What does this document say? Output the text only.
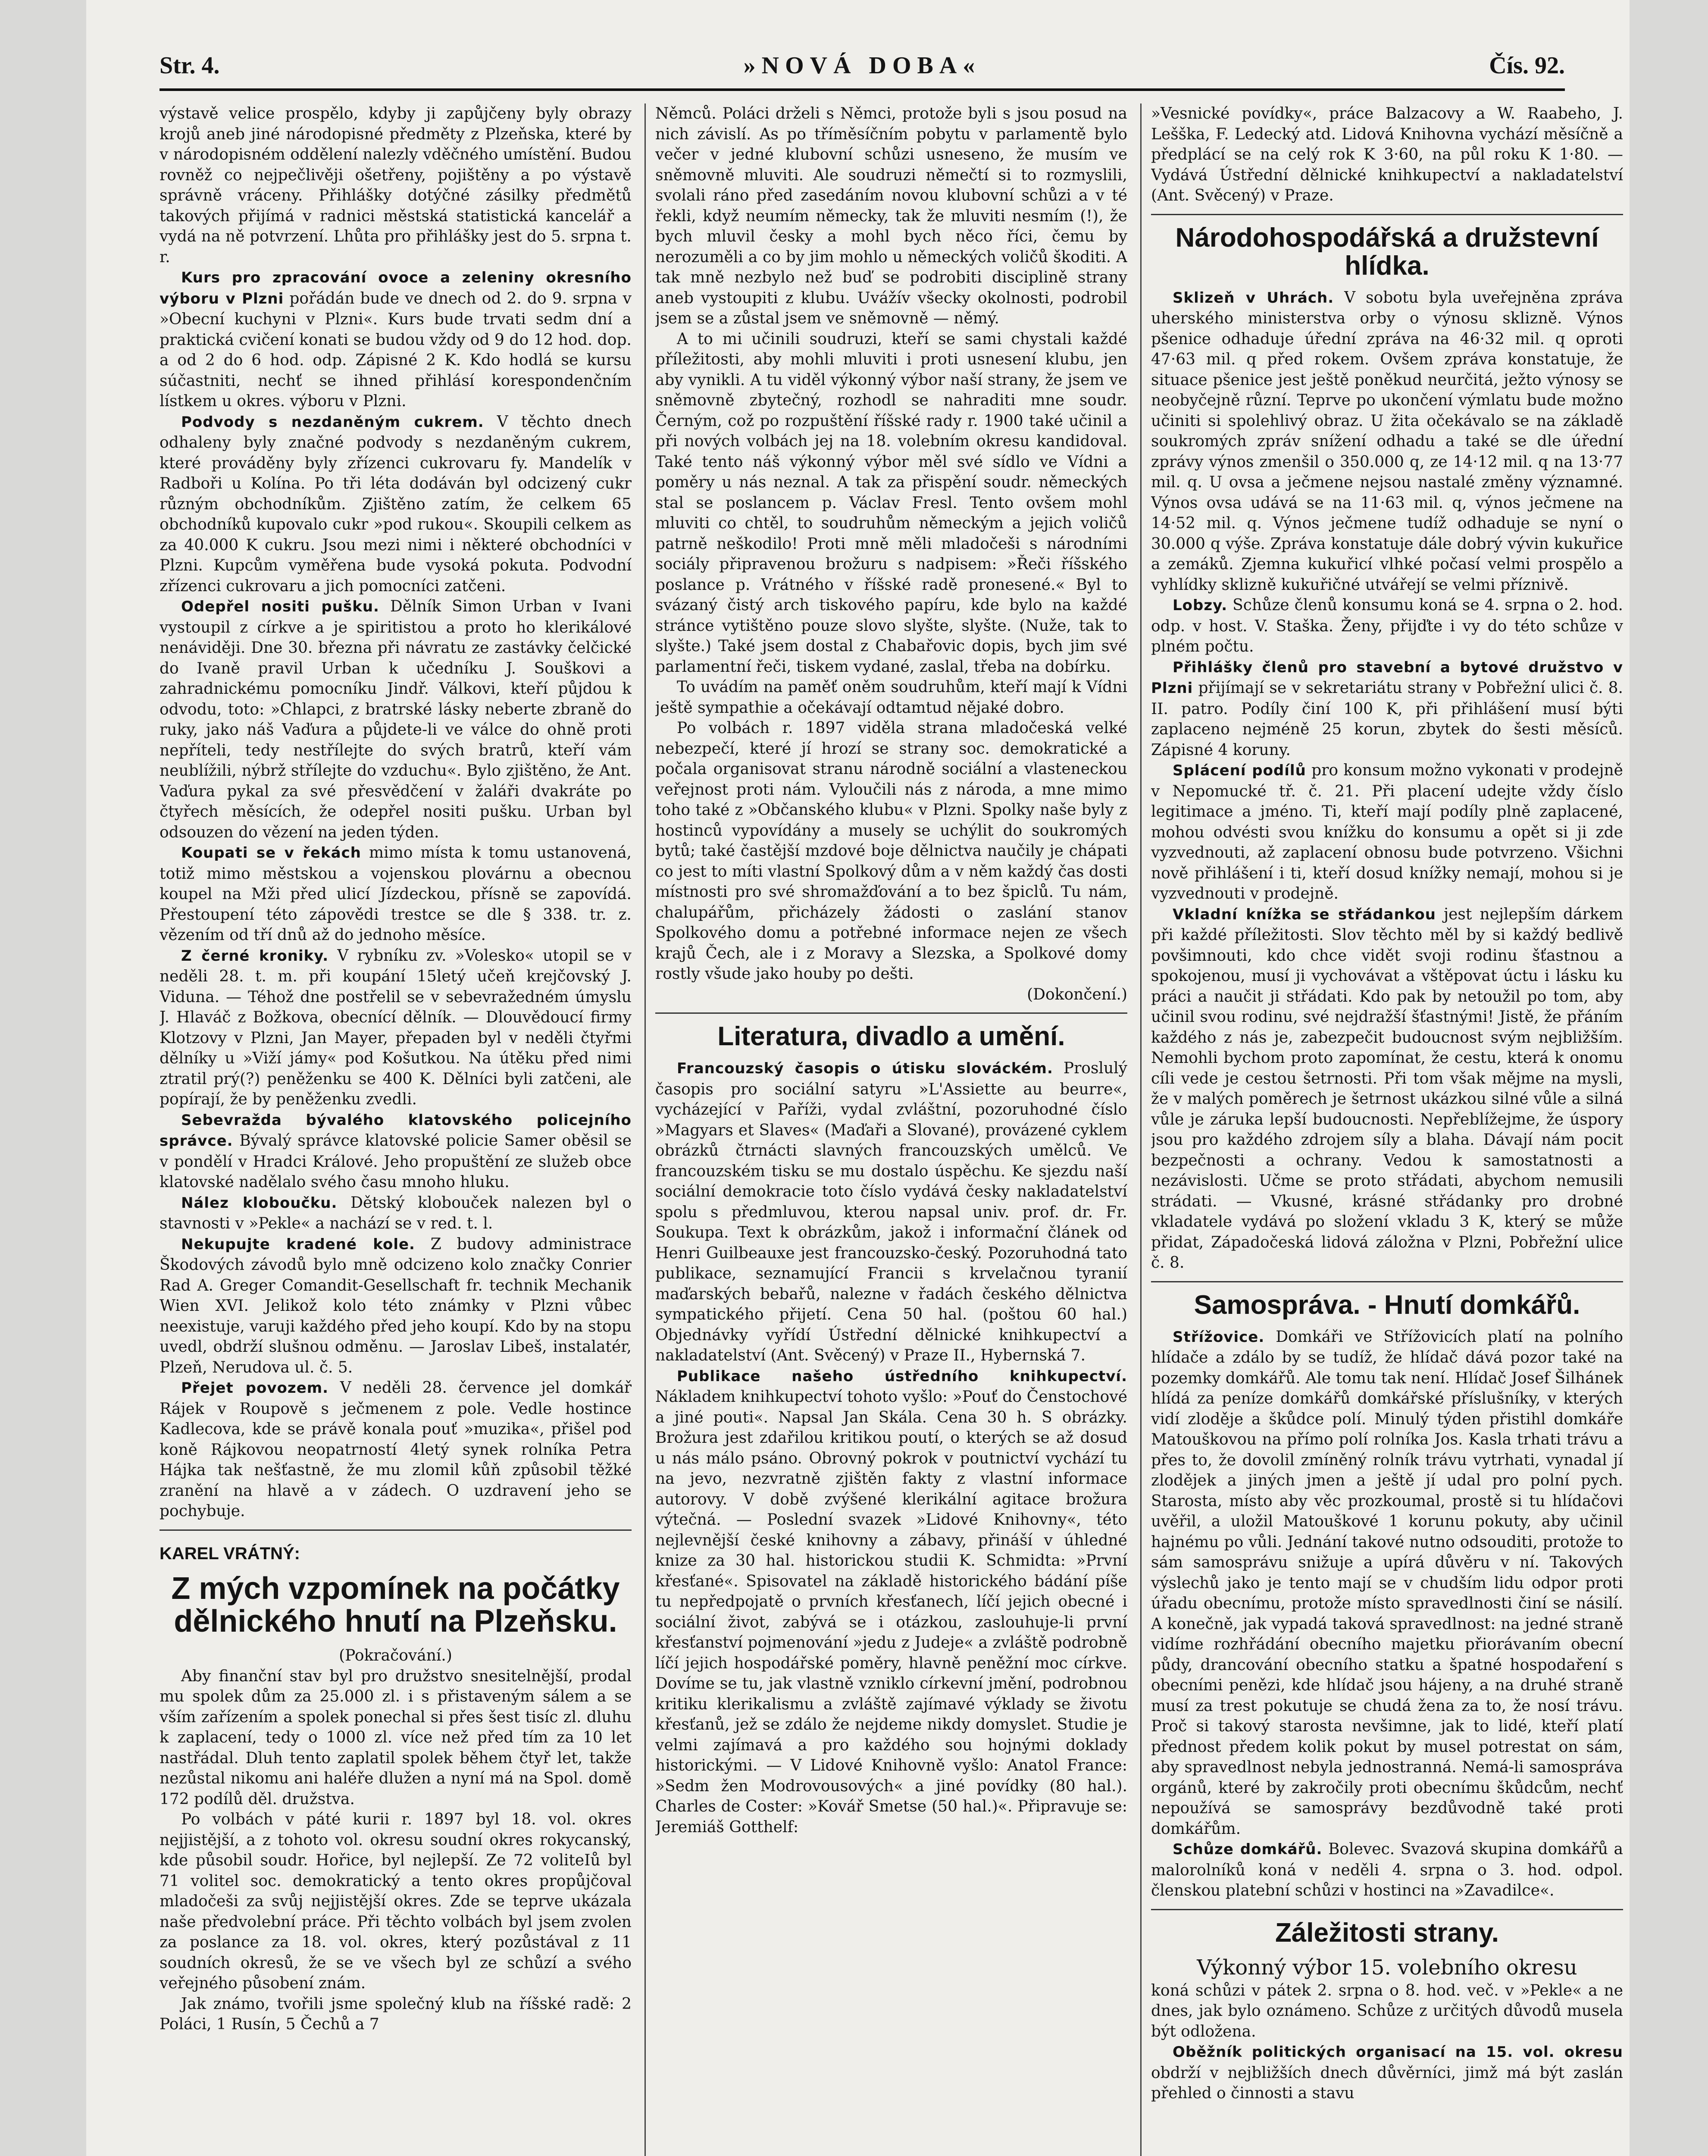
Str. 4.	»NOVÁ DOBA«	Čís. 92.

výstavě velice prospělo, kdyby ji zapůjčeny byly obrazy krojů aneb jiné národopisné předměty z Plzeňska, které by v národopisném oddělení nalezly vděčného umístění. Budou rovněž co nejpečlivěji ošetřeny, pojištěny a po výstavě správně vráceny. Přihlášky dotýčné zásilky předmětů takových přijímá v radnici městská statistická kancelář a vydá na ně potvrzení. Lhůta pro přihlášky jest do 5. srpna t. r.

Kurs pro zpracování ovoce a zeleniny okresního výboru v Plzni pořádán bude ve dnech od 2. do 9. srpna v »Obecní kuchyni v Plzni«. Kurs bude trvati sedm dní a praktická cvičení konati se budou vždy od 9 do 12 hod. dop. a od 2 do 6 hod. odp. Zápisné 2 K. Kdo hodlá se kursu súčastniti, nechť se ihned přihlásí korespondenčním lístkem u okres. výboru v Plzni.

Podvody s nezdaněným cukrem. V těchto dnech odhaleny byly značné podvody s nezdaněným cukrem, které prováděny byly zřízenci cukrovaru fy. Mandelík v Radboři u Kolína. Po tři léta dodáván byl odcizený cukr různým obchodníkům. Zjištěno zatím, že celkem 65 obchodníků kupovalo cukr »pod rukou«. Skoupili celkem as za 40.000 K cukru. Jsou mezi nimi i některé obchodníci v Plzni. Kupcům vyměřena bude vysoká pokuta. Podvodní zřízenci cukrovaru a jich pomocníci zatčeni.

Odepřel nositi pušku. Dělník Simon Urban v Ivani vystoupil z církve a je spiritistou a proto ho klerikálové nenáviději. Dne 30. března při návratu ze zastávky čelčické do Ivaně pravil Urban k učedníku J. Souškovi a zahradnickému pomocníku Jindř. Válkovi, kteří půjdou k odvodu, toto: »Chlapci, z bratrské lásky neberte zbraně do ruky, jako náš Vaďura a půjdete-li ve válce do ohně proti nepříteli, tedy nestřílejte do svých bratrů, kteří vám neublížili, nýbrž střílejte do vzduchu«. Bylo zjištěno, že Ant. Vaďura pykal za své přesvědčení v žaláři dvakráte po čtyřech měsících, že odepřel nositi pušku. Urban byl odsouzen do vězení na jeden týden.

Koupati se v řekách mimo místa k tomu ustanovená, totiž mimo městskou a vojenskou plovárnu a obecnou koupel na Mži před ulicí Jízdeckou, přísně se zapovídá. Přestoupení této zápovědi trestce se dle § 338. tr. z. vězením od tří dnů až do jednoho měsíce.

Z černé kroniky. V rybníku zv. »Volesko« utopil se v neděli 28. t. m. při koupání 15letý učeň krejčovský J. Viduna. — Téhož dne postřelil se v sebevražedném úmyslu J. Hlaváč z Božkova, obecnící dělník. — Dlouvědoucí firmy Klotzovy v Plzni, Jan Mayer, přepaden byl v neděli čtyřmi dělníky u »Viží jámy« pod Košutkou. Na útěku před nimi ztratil prý(?) peněženku se 400 K. Dělníci byli zatčeni, ale popírají, že by peněženku zvedli.

Sebevražda bývalého klatovského policejního správce. Bývalý správce klatovské policie Samer oběsil se v pondělí v Hradci Králové. Jeho propuštění ze služeb obce klatovské nadělalo svého času mnoho hluku.

Nález kloboučku. Dětský klobouček nalezen byl o stavnosti v »Pekle« a nachází se v red. t. l.

Nekupujte kradené kole. Z budovy administrace Škodových závodů bylo mně odcizeno kolo značky Conrier Rad A. Greger Comandit-Gesellschaft fr. technik Mechanik Wien XVI. Jelikož kolo této známky v Plzni vůbec neexistuje, varuji každého před jeho koupí. Kdo by na stopu uvedl, obdrží slušnou odměnu. — Jaroslav Libeš, instalatér, Plzeň, Nerudova ul. č. 5.

Přejet povozem. V neděli 28. července jel domkář Rájek v Roupově s ječmenem z pole. Vedle hostince Kadlecova, kde se právě konala pouť »muzika«, přišel pod koně Rájkovou neopatrností 4letý synek rolníka Petra Hájka tak nešťastně, že mu zlomil kůň způsobil těžké zranění na hlavě a v zádech. O uzdravení jeho se pochybuje.

KAREL VRÁTNÝ:

Z mých vzpomínek na počátky dělnického hnutí na Plzeňsku.

(Pokračování.)

Aby finanční stav byl pro družstvo snesitelnější, prodal mu spolek dům za 25.000 zl. i s přistaveným sálem a se vším zařízením a spolek ponechal si přes šest tisíc zl. dluhu k zaplacení, tedy o 1000 zl. více než před tím za 10 let nastřádal. Dluh tento zaplatil spolek během čtyř let, takže nezůstal nikomu ani haléře dlužen a nyní má na Spol. domě 172 podílů děl. družstva.

Po volbách v páté kurii r. 1897 byl 18. vol. okres nejjistější, a z tohoto vol. okresu soudní okres rokycanský, kde působil soudr. Hořice, byl nejlepší. Ze 72 voliteIů byl 71 volitel soc. demokratický a tento okres propůjčoval mladočeši za svůj nejjistější okres. Zde se teprve ukázala naše předvolební práce. Při těchto volbách byl jsem zvolen za poslance za 18. vol. okres, který pozůstával z 11 soudních okresů, že se ve všech byl ze schůzí a svého veřejného působení znám.

Jak známo, tvořili jsme společný klub na říšské radě: 2 Poláci, 1 Rusín, 5 Čechů a 7

Němců. Poláci drželi s Němci, protože byli s jsou posud na nich závislí. As po tříměsíčním pobytu v parlamentě bylo večer v jedné klubovní schůzi usneseno, že musím ve sněmovně mluviti. Ale soudruzi němečtí si to rozmyslili, svolali ráno před zasedáním novou klubovní schůzi a v té řekli, když neumím německy, tak že mluviti nesmím (!), že bych mluvil česky a mohl bych něco říci, čemu by nerozuměli a co by jim mohlo u německých voličů škoditi. A tak mně nezbylo než buď se podrobiti disciplině strany aneb vystoupiti z klubu. Uvážív všecky okolnosti, podrobil jsem se a zůstal jsem ve sněmovně — němý.

A to mi učinili soudruzi, kteří se sami chystali každé příležitosti, aby mohli mluviti i proti usnesení klubu, jen aby vynikli. A tu viděl výkonný výbor naší strany, že jsem ve sněmovně zbytečný, rozhodl se nahraditi mne soudr. Černým, což po rozpuštění říšské rady r. 1900 také učinil a při nových volbách jej na 18. volebním okresu kandidoval. Také tento náš výkonný výbor měl své sídlo ve Vídni a poměry u nás neznal. A tak za přispění soudr. německých stal se poslancem p. Václav Fresl. Tento ovšem mohl mluviti co chtěl, to soudruhům německým a jejich voličů patrně neškodilo! Proti mně měli mladočeši s národními sociály připravenou brožuru s nadpisem: »Řeči říšského poslance p. Vrátného v říšské radě pronesené.« Byl to svázaný čistý arch tiskového papíru, kde bylo na každé stránce vytištěno pouze slovo slyšte, slyšte. (Nuže, tak to slyšte.) Také jsem dostal z Chabařovic dopis, bych jim své parlamentní řeči, tiskem vydané, zaslal, třeba na dobírku.

To uvádím na paměť oněm soudruhům, kteří mají k Vídni ještě sympathie a očekávají odtamtud nějaké dobro.

Po volbách r. 1897 viděla strana mladočeská velké nebezpečí, které jí hrozí se strany soc. demokratické a počala organisovat stranu národně sociální a vlasteneckou veřejnost proti nám. Vyloučili nás z národa, a mne mimo toho také z »Občanského klubu« v Plzni. Spolky naše byly z hostinců vypovídány a musely se uchýlit do soukromých bytů; také častější mzdové boje dělnictva naučily je chápati co jest to míti vlastní Spolkový dům a v něm každý čas dosti místnosti pro své shromažďování a to bez špiclů. Tu nám, chalupářům, přicházely žádosti o zaslání stanov Spolkového domu a potřebné informace nejen ze všech krajů Čech, ale i z Moravy a Slezska, a Spolkové domy rostly všude jako houby po dešti.

(Dokončení.)

Literatura, divadlo a umění.

Francouzský časopis o útisku slováckém. Proslulý časopis pro sociální satyru »L'Assiette au beurre«, vycházející v Paříži, vydal zvláštní, pozoruhodné číslo »Magyars et Slaves« (Maďaři a Slované), provázené cyklem obrázků čtrnácti slavných francouzských umělců. Ve francouzském tisku se mu dostalo úspěchu. Ke sjezdu naší sociální demokracie toto číslo vydává česky nakladatelství spolu s předmluvou, kterou napsal univ. prof. dr. Fr. Soukupa. Text k obrázkům, jakož i informační článek od Henri Guilbeauxe jest francouzsko-český. Pozoruhodná tato publikace, seznamující Francii s krvelačnou tyranií maďarských bebařů, nalezne v řadách českého dělnictva sympatického přijetí. Cena 50 hal. (poštou 60 hal.) Objednávky vyřídí Ústřední dělnické knihkupectví a nakladatelství (Ant. Svěcený) v Praze II., Hybernská 7.

Publikace našeho ústředního knihkupectví. Nákladem knihkupectví tohoto vyšlo: »Pouť do Čenstochové a jiné pouti«. Napsal Jan Skála. Cena 30 h. S obrázky. Brožura jest zdařilou kritikou poutí, o kterých se až dosud u nás málo psáno. Obrovný pokrok v poutnictví vychází tu na jevo, nezvratně zjištěn fakty z vlastní informace autorovy. V době zvýšené klerikální agitace brožura výtečná. — Poslední svazek »Lidové Knihovny«, této nejlevnější české knihovny a zábavy, přináší v úhledné knize za 30 hal. historickou studii K. Schmidta: »První křesťané«. Spisovatel na základě historického bádání píše tu nepředpojatě o prvních křesťanech, líčí jejich obecné i sociální život, zabývá se i otázkou, zaslouhuje-li první křesťanství pojmenování »jedu z Judeje« a zvláště podrobně líčí jejich hospodářské poměry, hlavně peněžní moc církve. Dovíme se tu, jak vlastně vzniklo církevní jmění, podrobnou kritiku klerikalismu a zvláště zajímavé výklady se životu křesťanů, jež se zdálo že nejdeme nikdy domyslet. Studie je velmi zajímavá a pro každého sou hojnými doklady historickými. — V Lidové Knihovně vyšlo: Anatol France: »Sedm žen Modrovousových« a jiné povídky (80 hal.). Charles de Coster: »Kovář Smetse (50 hal.)«. Připravuje se: Jeremiáš Gotthelf:

»Vesnické povídky«, práce Balzacovy a W. Raabeho, J. Lešška, F. Ledecký atd. Lidová Knihovna vychází měsíčně a předplácí se na celý rok K 3·60, na půl roku K 1·80. — Vydává Ústřední dělnické knihkupectví a nakladatelství (Ant. Svěcený) v Praze.

Národohospodářská a družstevní hlídka.

Sklizeň v Uhrách. V sobotu byla uveřejněna zpráva uherského ministerstva orby o výnosu sklizně. Výnos pšenice odhaduje úřední zpráva na 46·32 mil. q oproti 47·63 mil. q před rokem. Ovšem zpráva konstatuje, že situace pšenice jest ještě poněkud neurčitá, ježto výnosy se neobyčejně různí. Teprve po ukončení výmlatu bude možno učiniti si spolehlivý obraz. U žita očekávalo se na základě soukromých zpráv snížení odhadu a také se dle úřední zprávy výnos zmenšil o 350.000 q, ze 14·12 mil. q na 13·77 mil. q. U ovsa a ječmene nejsou nastalé změny významné. Výnos ovsa udává se na 11·63 mil. q, výnos ječmene na 14·52 mil. q. Výnos ječmene tudíž odhaduje se nyní o 30.000 q výše. Zpráva konstatuje dále dobrý vývin kukuřice a zemáků. Zjemna kukuřicí vlhké počasí velmi prospělo a vyhlídky sklizně kukuřičné utvářejí se velmi příznivě.

Lobzy. Schůze členů konsumu koná se 4. srpna o 2. hod. odp. v host. V. Staška. Ženy, přijďte i vy do této schůze v plném počtu.

Přihlášky členů pro stavební a bytové družstvo v Plzni přijímají se v sekretariátu strany v Pobřežní ulici č. 8. II. patro. Podíly činí 100 K, při přihlášení musí býti zaplaceno nejméně 25 korun, zbytek do šesti měsíců. Zápisné 4 koruny.

Splácení podílů pro konsum možno vykonati v prodejně v Nepomucké tř. č. 21. Při placení udejte vždy číslo legitimace a jméno. Ti, kteří mají podíly plně zaplacené, mohou odvésti svou knížku do konsumu a opět si ji zde vyzvednouti, až zaplacení obnosu bude potvrzeno. Všichni nově přihlášení i ti, kteří dosud knížky nemají, mohou si je vyzvednouti v prodejně.

Vkladní knížka se střádankou jest nejlepším dárkem při každé příležitosti. Slov těchto měl by si každý bedlivě povšimnouti, kdo chce vidět svoji rodinu šťastnou a spokojenou, musí ji vychovávat a vštěpovat úctu i lásku ku práci a naučit ji střádati. Kdo pak by netoužil po tom, aby učinil svou rodinu, své nejdražší šťastnými! Jistě, že přáním každého z nás je, zabezpečit budoucnost svým nejbližším. Nemohli bychom proto zapomínat, že cestu, která k onomu cíli vede je cestou šetrnosti. Při tom však mějme na mysli, že v malých poměrech je šetrnost ukázkou silné vůle a silná vůle je záruka lepší budoucnosti. Nepřeblížejme, že úspory jsou pro každého zdrojem síly a blaha. Dávají nám pocit bezpečnosti a ochrany. Vedou k samostatnosti a nezávislosti. Učme se proto střádati, abychom nemusili strádati. — Vkusné, krásné střádanky pro drobné vkladatele vydává po složení vkladu 3 K, který se může přidat, Západočeská lidová záložna v Plzni, Pobřežní ulice č. 8.

Samospráva. - Hnutí domkářů.

Střížovice. Domkáři ve Střížovicích platí na polního hlídače a zdálo by se tudíž, že hlídač dává pozor také na pozemky domkářů. Ale tomu tak není. Hlídač Josef Šilhánek hlídá za peníze domkářů domkářské příslušníky, v kterých vidí zloděje a škůdce polí. Minulý týden přistihl domkáře Matouškovou na přímo polí rolníka Jos. Kasla trhati trávu a přes to, že dovolil zmíněný rolník trávu vytrhati, vynadal jí zlodějek a jiných jmen a ještě jí udal pro polní pych. Starosta, místo aby věc prozkoumal, prostě si tu hlídačovi uvěřil, a uložil Matouškové 1 korunu pokuty, aby učinil hajnému po vůli. Jednání takové nutno odsouditi, protože to sám samosprávu snižuje a upírá důvěru v ní. Takových výslechů jako je tento mají se v chudším lidu odpor proti úřadu obecnímu, protože místo spravedlnosti činí se násilí. A konečně, jak vypadá taková spravedlnost: na jedné straně vidíme rozhřádání obecního majetku přiorávaním obecní půdy, drancování obecního statku a špatné hospodaření s obecními penězi, kde hlídač jsou hájeny, a na druhé straně musí za trest pokutuje se chudá žena za to, že nosí trávu. Proč si takový starosta nevšimne, jak to lidé, kteří platí přednost předem kolik pokut by musel potrestat on sám, aby spravedlnost nebyla jednostranná. Nemá-li samospráva orgánů, které by zakročily proti obecnímu škůdcům, nechť nepoužívá se samosprávy bezdůvodně také proti domkářům.

Schůze domkářů. Bolevec. Svazová skupina domkářů a malorolníků koná v neděli 4. srpna o 3. hod. odpol. členskou platební schůzi v hostinci na »Zavadilce«.

Záležitosti strany.

Výkonný výbor 15. volebního okresu

koná schůzi v pátek 2. srpna o 8. hod. več. v »Pekle« a ne dnes, jak bylo oznámeno. Schůze z určitých důvodů musela být odložena.

Oběžník politických organisací na 15. vol. okresu obdrží v nejbližších dnech důvěrníci, jimž má být zaslán přehled o činnosti a stavu
